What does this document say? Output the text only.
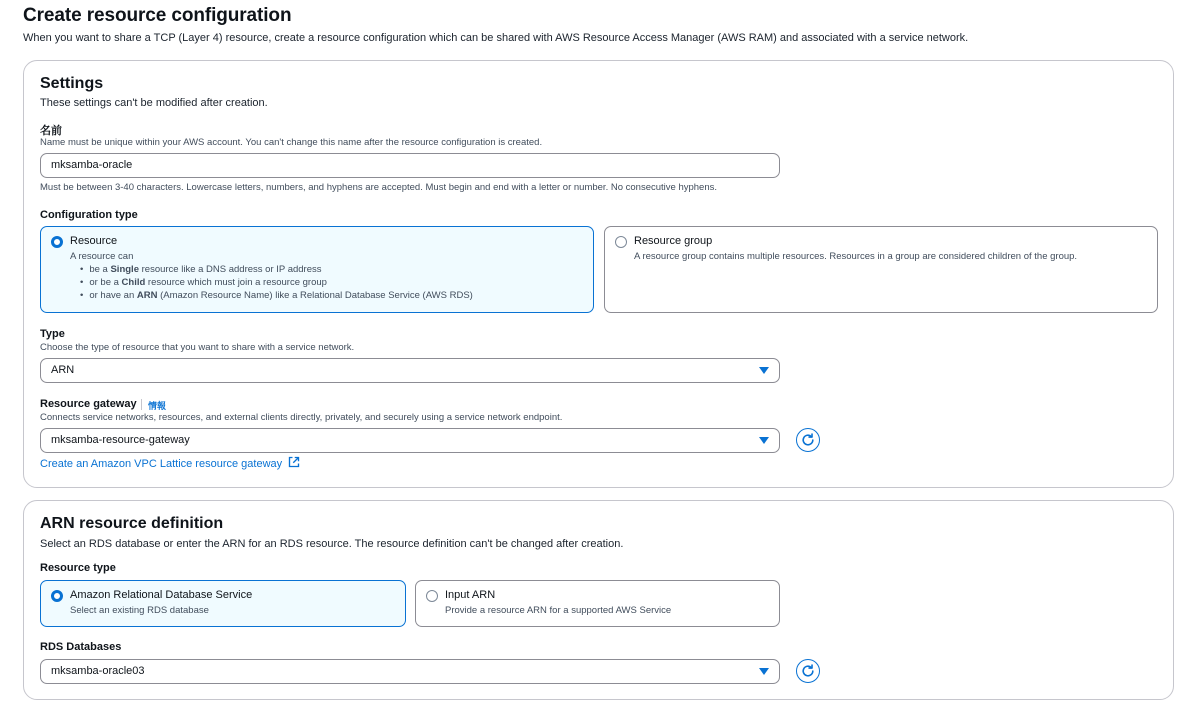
Create resource configuration
When you want to share a TCP (Layer 4) resource, create a resource configuration which can be shared with AWS Resource Access Manager (AWS RAM) and associated with a service network.
Settings
These settings can't be modified after creation.
名前
Name must be unique within your AWS account. You can't change this name after the resource configuration is created.
mksamba-oracle
Must be between 3-40 characters. Lowercase letters, numbers, and hyphens are accepted. Must begin and end with a letter or number. No consecutive hyphens.
Configuration type
Resource
A resource can
• be a Single resource like a DNS address or IP address
• or be a Child resource which must join a resource group
• or have an ARN (Amazon Resource Name) like a Relational Database Service (AWS RDS)
Resource group
A resource group contains multiple resources. Resources in a group are considered children of the group.
Type
Choose the type of resource that you want to share with a service network.
ARN
Resource gateway 情報
Connects service networks, resources, and external clients directly, privately, and securely using a service network endpoint.
mksamba-resource-gateway
Create an Amazon VPC Lattice resource gateway
ARN resource definition
Select an RDS database or enter the ARN for an RDS resource. The resource definition can't be changed after creation.
Resource type
Amazon Relational Database Service
Select an existing RDS database
Input ARN
Provide a resource ARN for a supported AWS Service
RDS Databases
mksamba-oracle03
